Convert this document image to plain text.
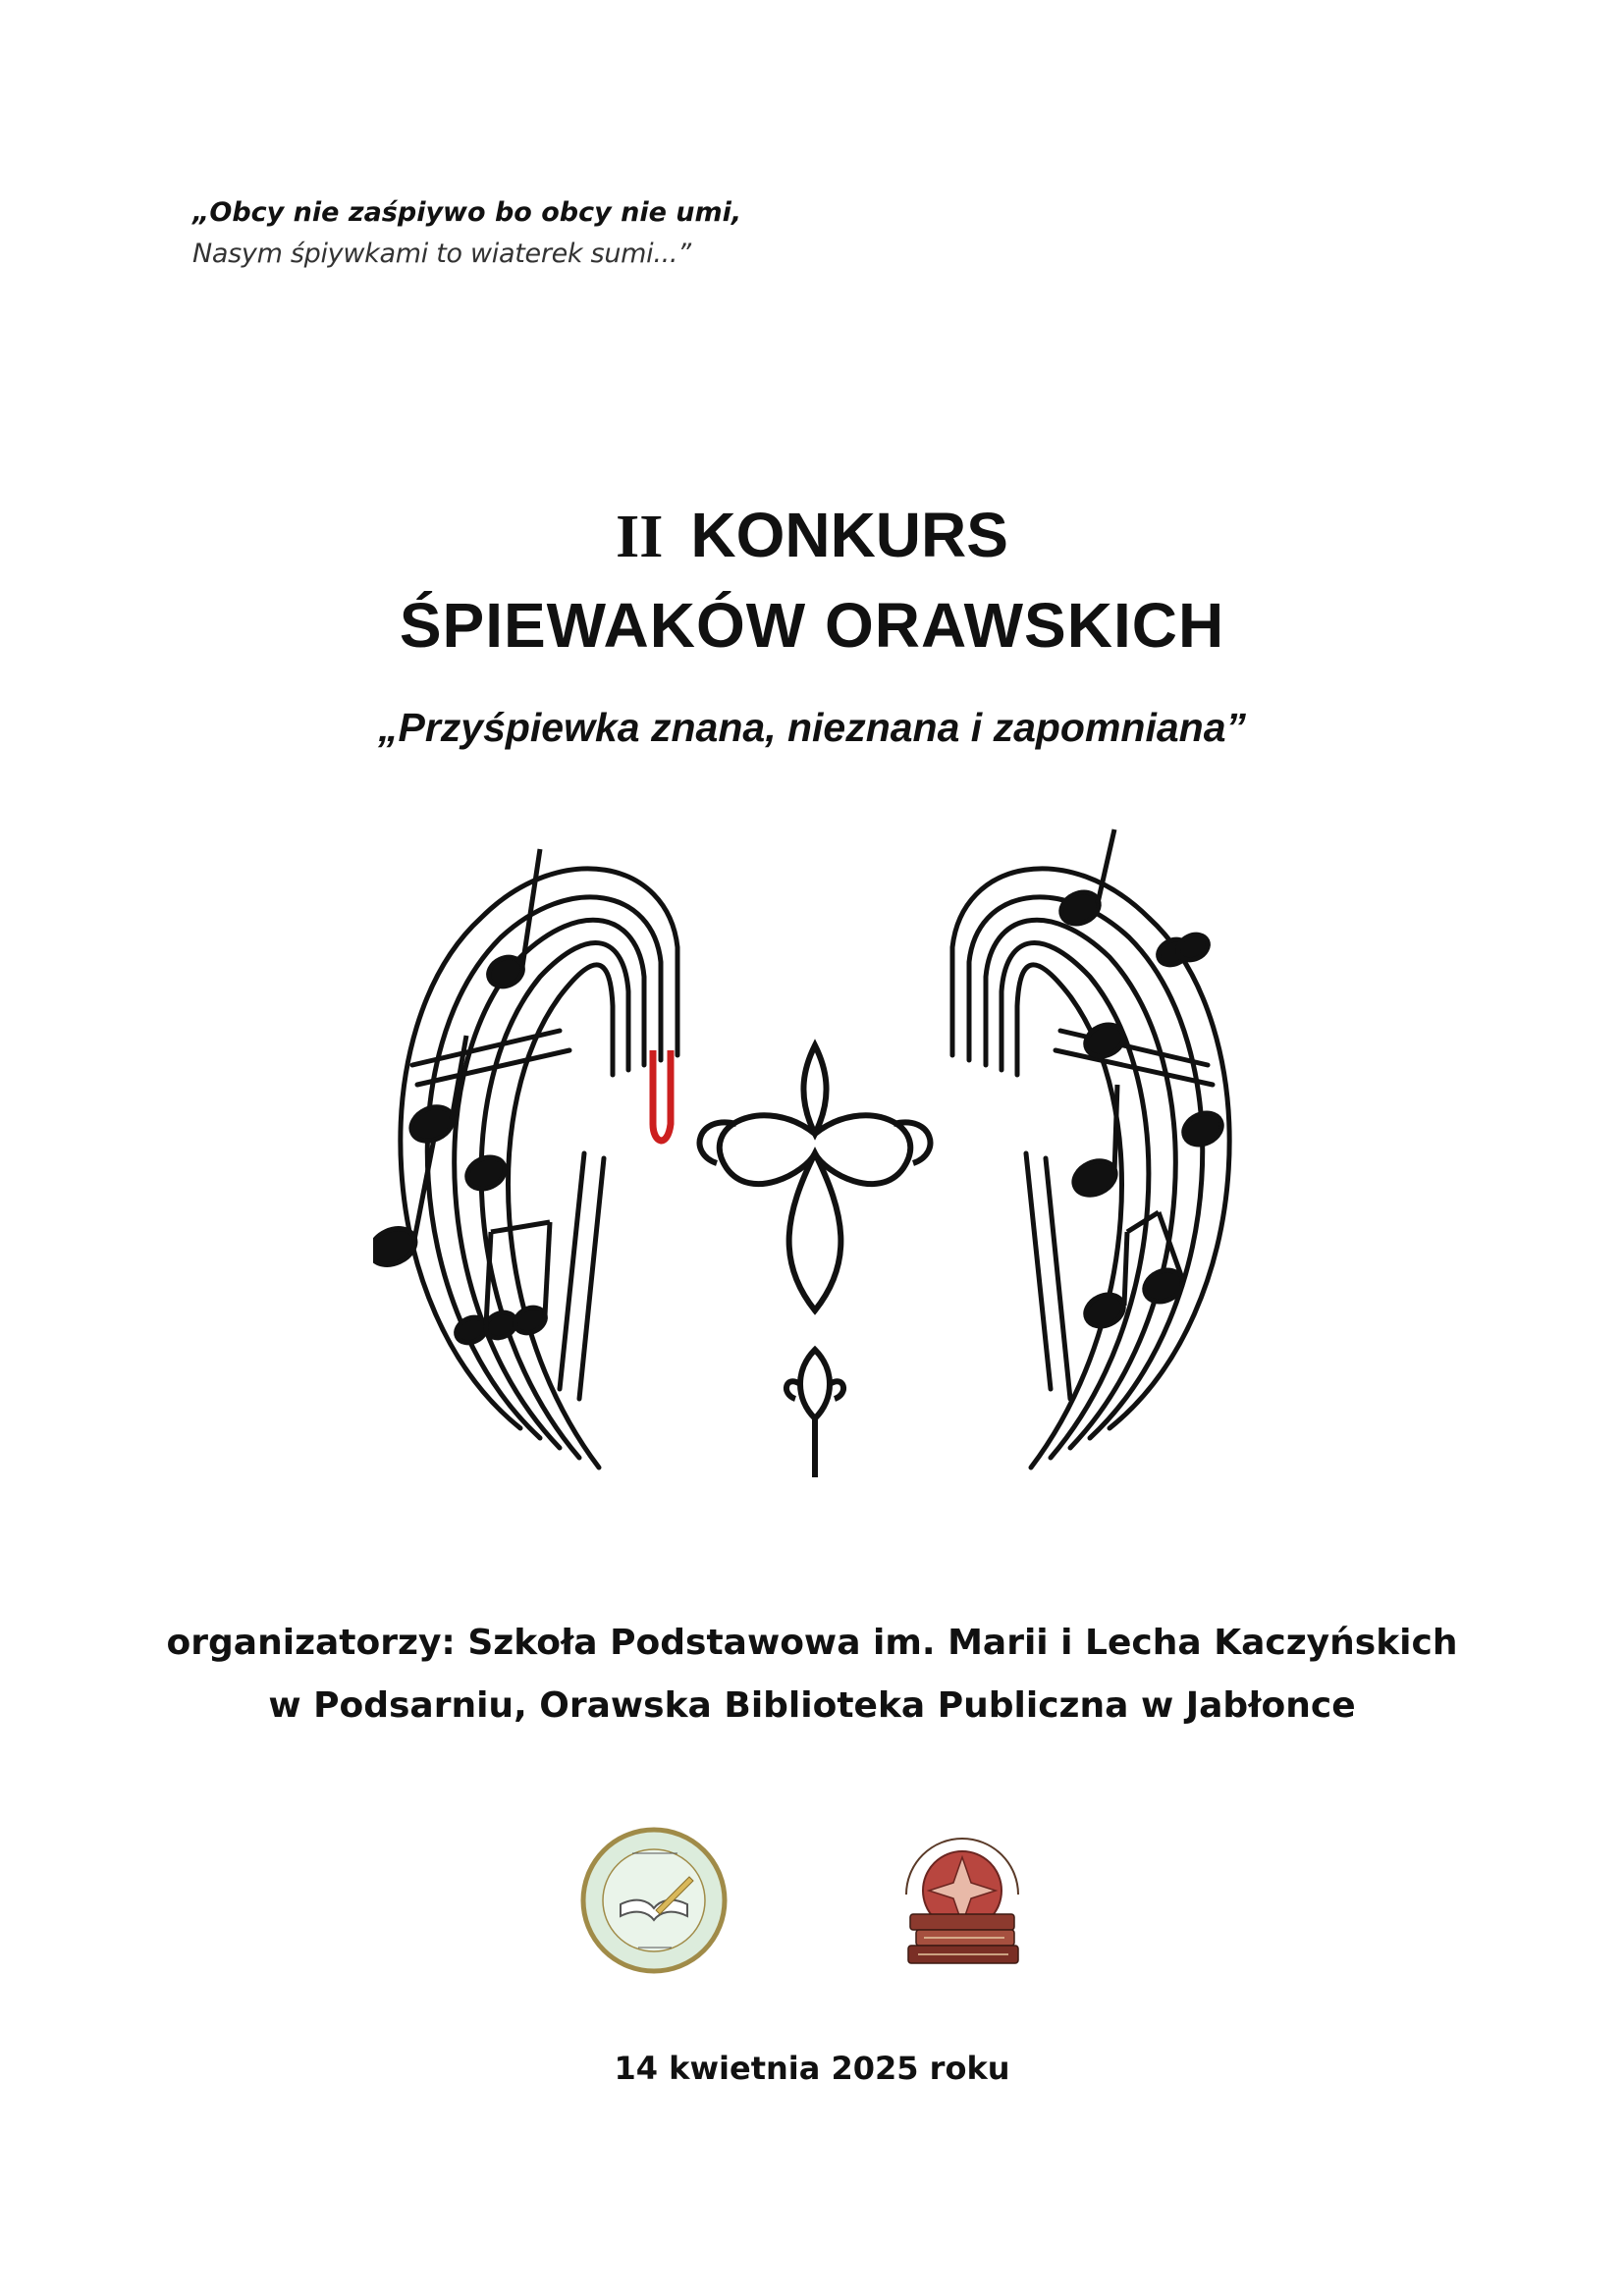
„Obcy nie zaśpiywo bo obcy nie umi,
Nasym śpiywkami to wiaterek sumi...”
II KONKURS
ŚPIEWAKÓW ORAWSKICH
„Przyśpiewka znana, nieznana i zapomniana”
organizatorzy: Szkoła Podstawowa im. Marii i Lecha Kaczyńskich
w Podsarniu, Orawska Biblioteka Publiczna w Jabłonce
14 kwietnia 2025 roku
